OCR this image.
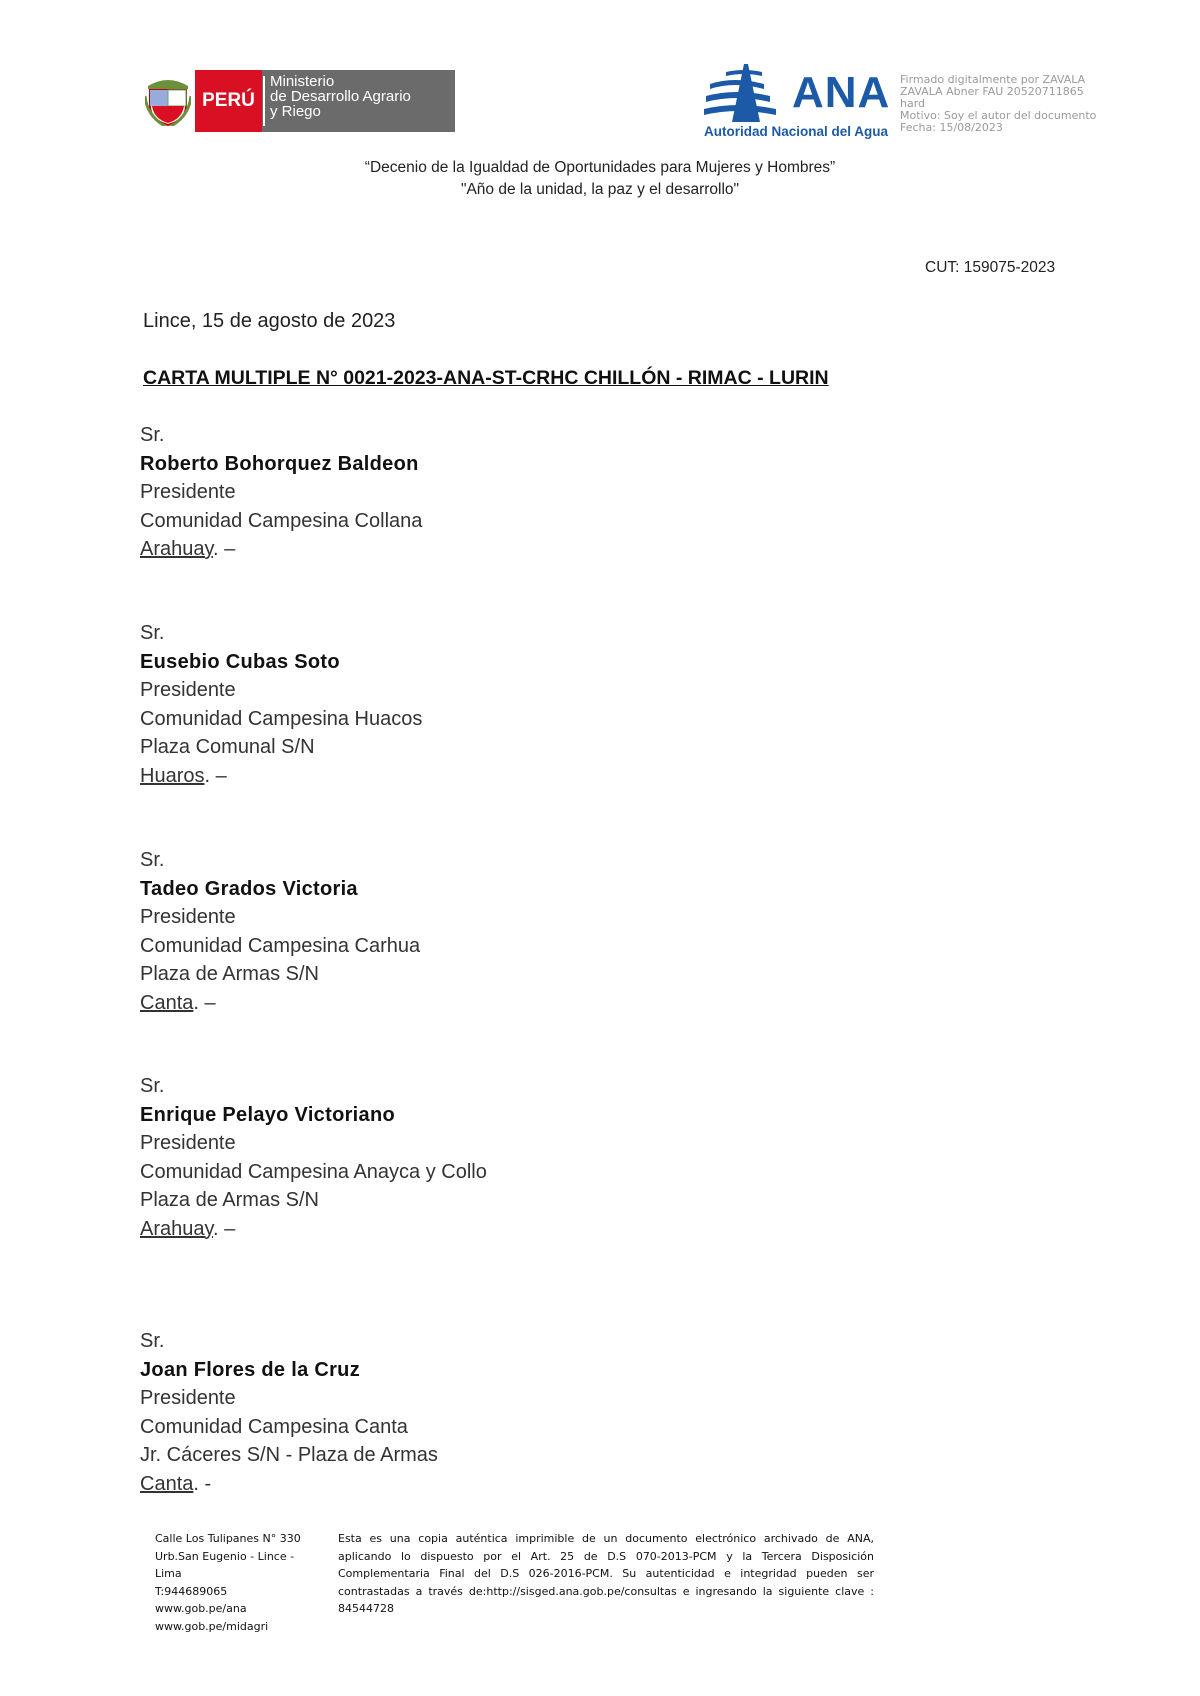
PERÚ
Ministerio
de Desarrollo Agrario
y Riego	ANA
Autoridad Nacional del Agua
Firmado digitalmente por ZAVALA
ZAVALA Abner FAU 20520711865
hard
Motivo: Soy el autor del documento
Fecha: 15/08/2023
“Decenio de la Igualdad de Oportunidades para Mujeres y Hombres”
"Año de la unidad, la paz y el desarrollo"
CUT: 159075-2023
Lince, 15 de agosto de 2023
CARTA MULTIPLE N° 0021-2023-ANA-ST-CRHC CHILLÓN - RIMAC - LURIN
Sr.
Roberto Bohorquez Baldeon
Presidente
Comunidad Campesina Collana
Arahuay. –
Sr.
Eusebio Cubas Soto
Presidente
Comunidad Campesina Huacos
Plaza Comunal S/N
Huaros. –
Sr.
Tadeo Grados Victoria
Presidente
Comunidad Campesina Carhua
Plaza de Armas S/N
Canta. –
Sr.
Enrique Pelayo Victoriano
Presidente
Comunidad Campesina Anayca y Collo
Plaza de Armas S/N
Arahuay. –
Sr.
Joan Flores de la Cruz
Presidente
Comunidad Campesina Canta
Jr. Cáceres S/N - Plaza de Armas
Canta. -
Calle Los Tulipanes N° 330
Urb.San Eugenio - Lince -
Lima
T:944689065
www.gob.pe/ana
www.gob.pe/midagri
Esta es una copia auténtica imprimible de un documento electrónico archivado de ANA, aplicando lo dispuesto por el Art. 25 de D.S 070-2013-PCM y la Tercera Disposición Complementaria Final del D.S 026-2016-PCM. Su autenticidad e integridad pueden ser contrastadas a través de:http://sisged.ana.gob.pe/consultas e ingresando la siguiente clave : 84544728
